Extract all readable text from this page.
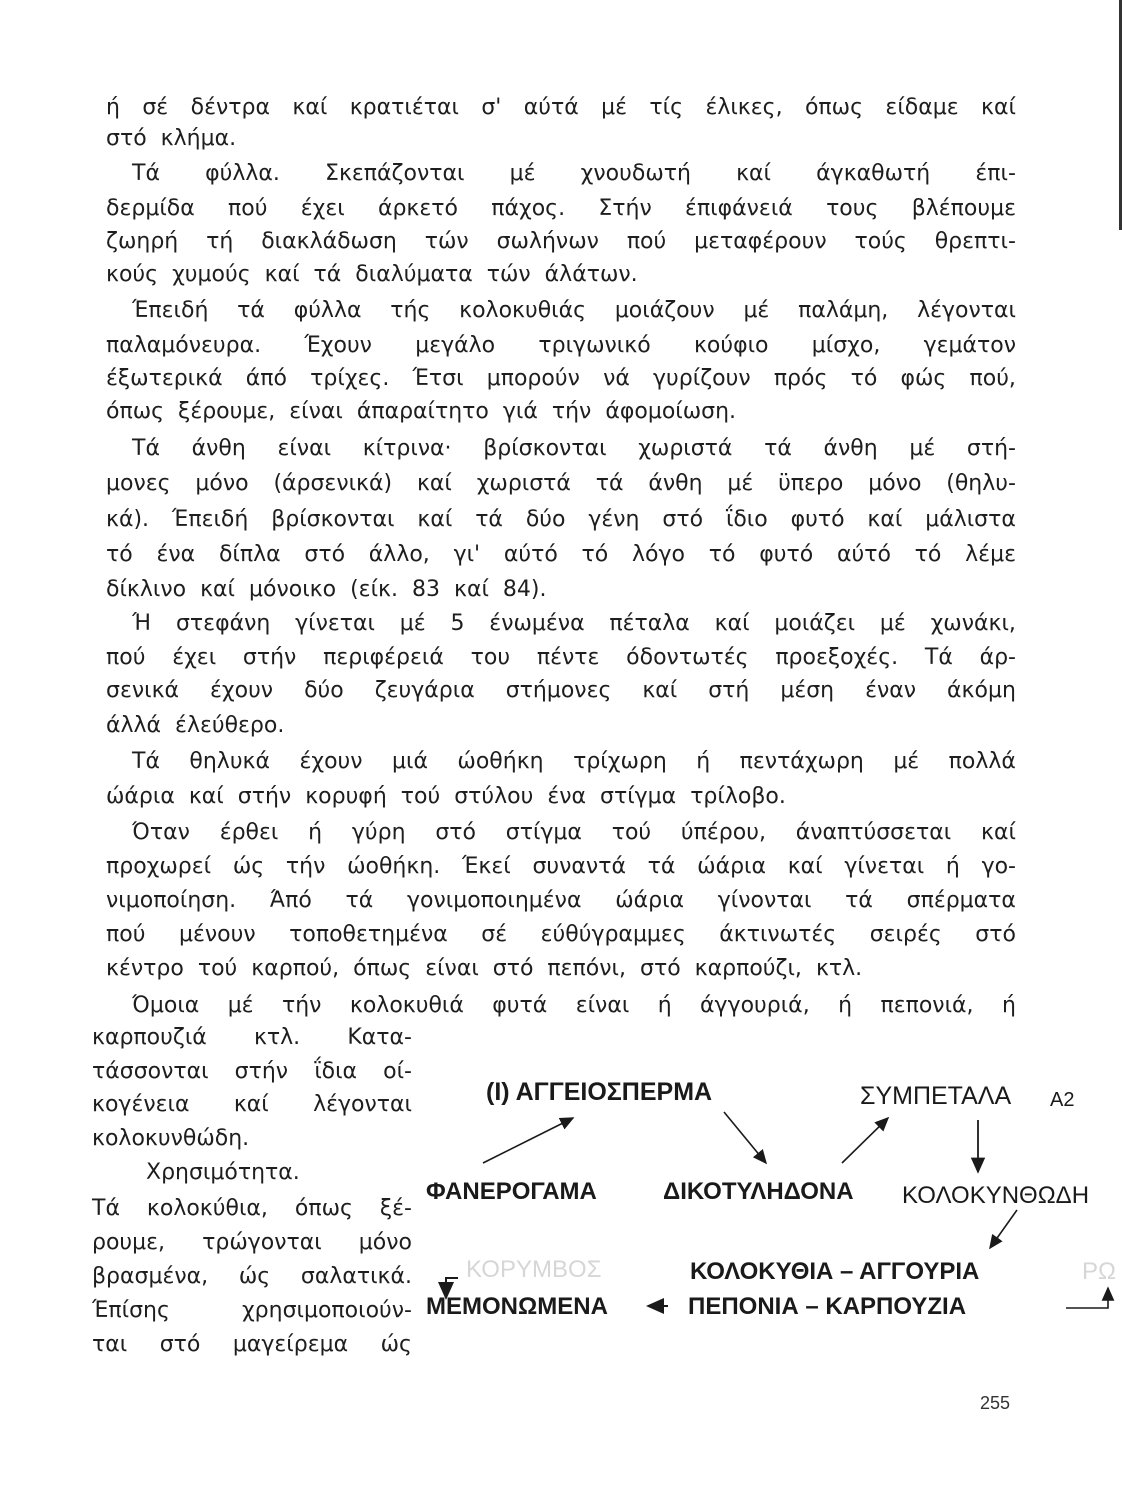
ή σέ δέντρα καί κρατιέται σ' αύτά μέ τίς έλικες, όπως είδαμε καί
στό κλήμα.
Τά φύλλα. Σκεπάζονται μέ χνουδωτή καί άγκαθωτή έπι-
δερμίδα πού έχει άρκετό πάχος. Στήν έπιφάνειά τους βλέπουμε
ζωηρή τή διακλάδωση τών σωλήνων πού μεταφέρουν τούς θρεπτι-
κούς χυμούς καί τά διαλύματα τών άλάτων.
Έπειδή τά φύλλα τής κολοκυθιάς μοιάζουν μέ παλάμη, λέγονται
παλαμόνευρα. Έχουν μεγάλο τριγωνικό κούφιο μίσχο, γεμάτον
έξωτερικά άπό τρίχες. Έτσι μπορούν νά γυρίζουν πρός τό φώς πού,
όπως ξέρουμε, είναι άπαραίτητο γιά τήν άφομοίωση.
Τά άνθη είναι κίτρινα· βρίσκονται χωριστά τά άνθη μέ στή-
μονες μόνο (άρσενικά) καί χωριστά τά άνθη μέ ϋπερο μόνο (θηλυ-
κά). Έπειδή βρίσκονται καί τά δύο γένη στό ΐδιο φυτό καί μάλιστα
τό ένα δίπλα στό άλλο, γι' αύτό τό λόγο τό φυτό αύτό τό λέμε
δίκλινο καί μόνοικο (είκ. 83 καί 84).
Ή στεφάνη γίνεται μέ 5 ένωμένα πέταλα καί μοιάζει μέ χωνάκι,
πού έχει στήν περιφέρειά του πέντε όδοντωτές προεξοχές. Τά άρ-
σενικά έχουν δύο ζευγάρια στήμονες καί στή μέση έναν άκόμη
άλλά έλεύθερο.
Τά θηλυκά έχουν μιά ώοθήκη τρίχωρη ή πεντάχωρη μέ πολλά
ώάρια καί στήν κορυφή τού στύλου ένα στίγμα τρίλοβο.
Όταν έρθει ή γύρη στό στίγμα τού ύπέρου, άναπτύσσεται καί
προχωρεί ώς τήν ώοθήκη. Έκεί συναντά τά ώάρια καί γίνεται ή γο-
νιμοποίηση. Άπό τά γονιμοποιημένα ώάρια γίνονται τά σπέρματα
πού μένουν τοποθετημένα σέ εύθύγραμμες άκτινωτές σειρές στό
κέντρο τού καρπού, όπως είναι στό πεπόνι, στό καρπούζι, κτλ.
Όμοια μέ τήν κολοκυθιά φυτά είναι ή άγγουριά, ή πεπονιά, ή
καρπουζιά κτλ. Κατα-
τάσσονται στήν ΐδια οί-
κογένεια καί λέγονται
κολοκυνθώδη.
Χρησιμότητα.
Τά κολοκύθια, όπως ξέ-
ρουμε, τρώγονται μόνο
βρασμένα, ώς σαλατικά.
Έπίσης	χρησιμοποιούν-
ται στό μαγείρεμα ώς
(Ι) ΑΓΓΕΙΟΣΠΕΡΜΑ	ΣΥΜΠΕΤΑΛΑ A2
ΦΑΝΕΡΟΓΑΜΑ	ΔΙΚΟΤΥΛΗΔΟΝΑ ΚΟΛΟΚΥΝΘΩΔΗ
ΚΟΡΥΜΒΟΣ	ΚΟΛΟΚΥΘΙΑ – ΑΓΓΟΥΡΙΑ	ΡΩ
ΜΕΜΟΝΩΜΕΝΑ	ΠΕΠΟΝΙΑ – ΚΑΡΠΟΥΖΙΑ
255
